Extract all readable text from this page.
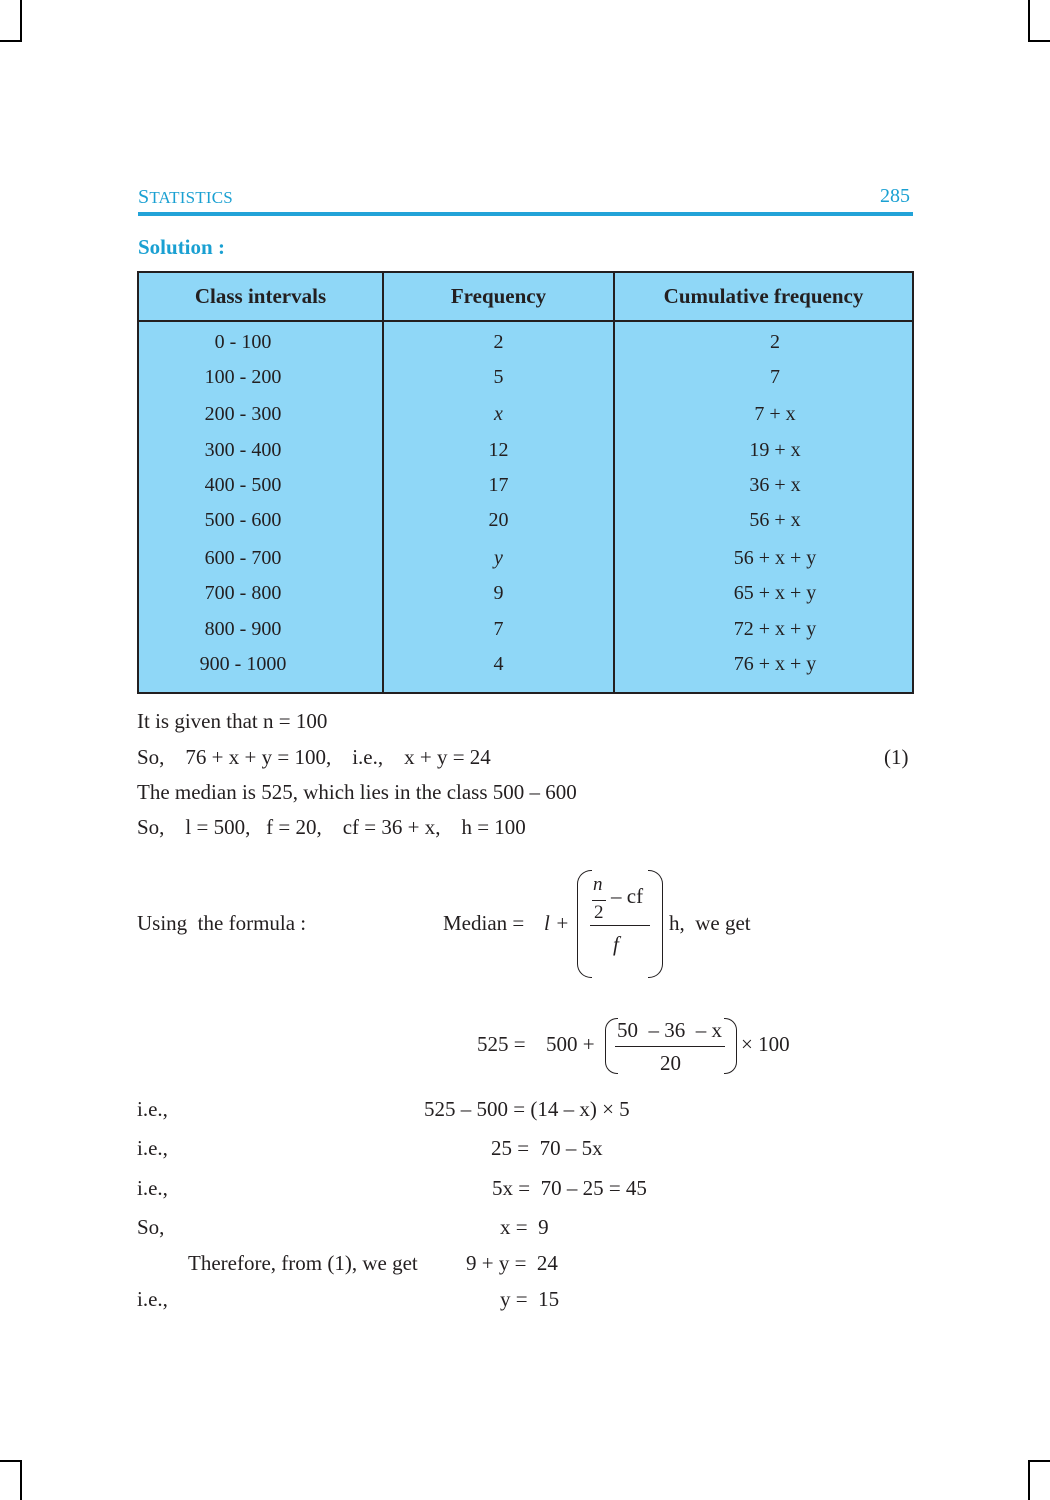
STATISTICS	285
Solution :
Class intervals	Frequency	Cumulative frequency
0 - 100	2	2
100 - 200	5	7
200 - 300	x	7 + x
300 - 400	12	19 + x
400 - 500	17	36 + x
500 - 600	20	56 + x
600 - 700	y	56 + x + y
700 - 800	9	65 + x + y
800 - 900	7	72 + x + y
900 - 1000	4	76 + x + y
It is given that n = 100
So,    76 + x + y = 100,    i.e.,    x + y = 24	(1)
The median is 525, which lies in the class 500 – 600
So,    l = 500,   f = 20,    cf = 36 + x,    h = 100
Using  the formula :	Median = l +
n
2
– cf
f
h,  we get
525 = 500 +
50  – 36  – x
20
× 100
i.e.,	525 – 500 = (14 – x) × 5
i.e.,	25 =  70 – 5x
i.e.,	5x =  70 – 25 = 45
So,	x =  9
Therefore, from (1), we get 9 + y =  24
i.e.,	y =  15
